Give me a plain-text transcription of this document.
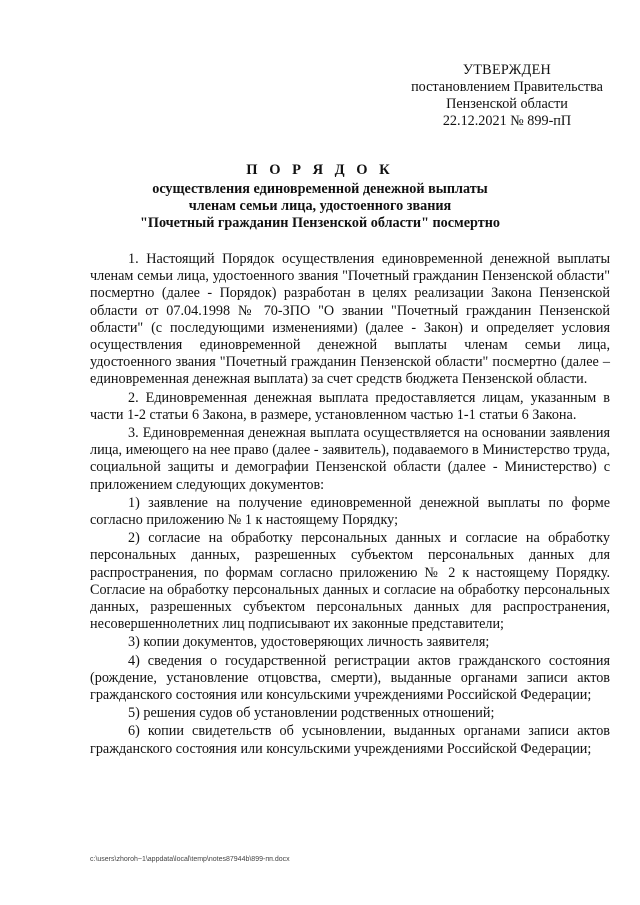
УТВЕРЖДЕН
постановлением Правительства
Пензенской области
22.12.2021 № 899-пП
П О Р Я Д О К
осуществления единовременной денежной выплаты
членам семьи лица, удостоенного звания
"Почетный гражданин Пензенской области" посмертно

1. Настоящий Порядок осуществления единовременной денежной выплаты членам семьи лица, удостоенного звания "Почетный гражданин Пензенской области" посмертно (далее - Порядок) разработан в целях реализации Закона Пензенской области от 07.04.1998 № 70-ЗПО "О звании "Почетный гражданин Пензенской области" (с последующими изменениями) (далее - Закон) и определяет условия осуществления единовременной денежной выплаты членам семьи лица, удостоенного звания "Почетный гражданин Пензенской области" посмертно (далее – единовременная денежная выплата) за счет средств бюджета Пензенской области.

2. Единовременная денежная выплата предоставляется лицам, указанным в части 1-2 статьи 6 Закона, в размере, установленном частью 1-1 статьи 6 Закона.

3. Единовременная денежная выплата осуществляется на основании заявления лица, имеющего на нее право (далее - заявитель), подаваемого в Министерство труда, социальной защиты и демографии Пензенской области (далее - Министерство) с приложением следующих документов:

1) заявление на получение единовременной денежной выплаты по форме согласно приложению № 1 к настоящему Порядку;

2) согласие на обработку персональных данных и согласие на обработку персональных данных, разрешенных субъектом персональных данных для распространения, по формам согласно приложению № 2 к настоящему Порядку. Согласие на обработку персональных данных и согласие на обработку персональных данных, разрешенных субъектом персональных данных для распространения, несовершеннолетних лиц подписывают их законные представители;

3) копии документов, удостоверяющих личность заявителя;

4) сведения о государственной регистрации актов гражданского состояния (рождение, установление отцовства, смерти), выданные органами записи актов гражданского состояния или консульскими учреждениями Российской Федерации;

5) решения судов об установлении родственных отношений;

6) копии свидетельств об усыновлении, выданных органами записи актов гражданского состояния или консульскими учреждениями Российской Федерации;

c:\users\zhoroh~1\appdata\local\temp\notes87944b\899-пп.docx
